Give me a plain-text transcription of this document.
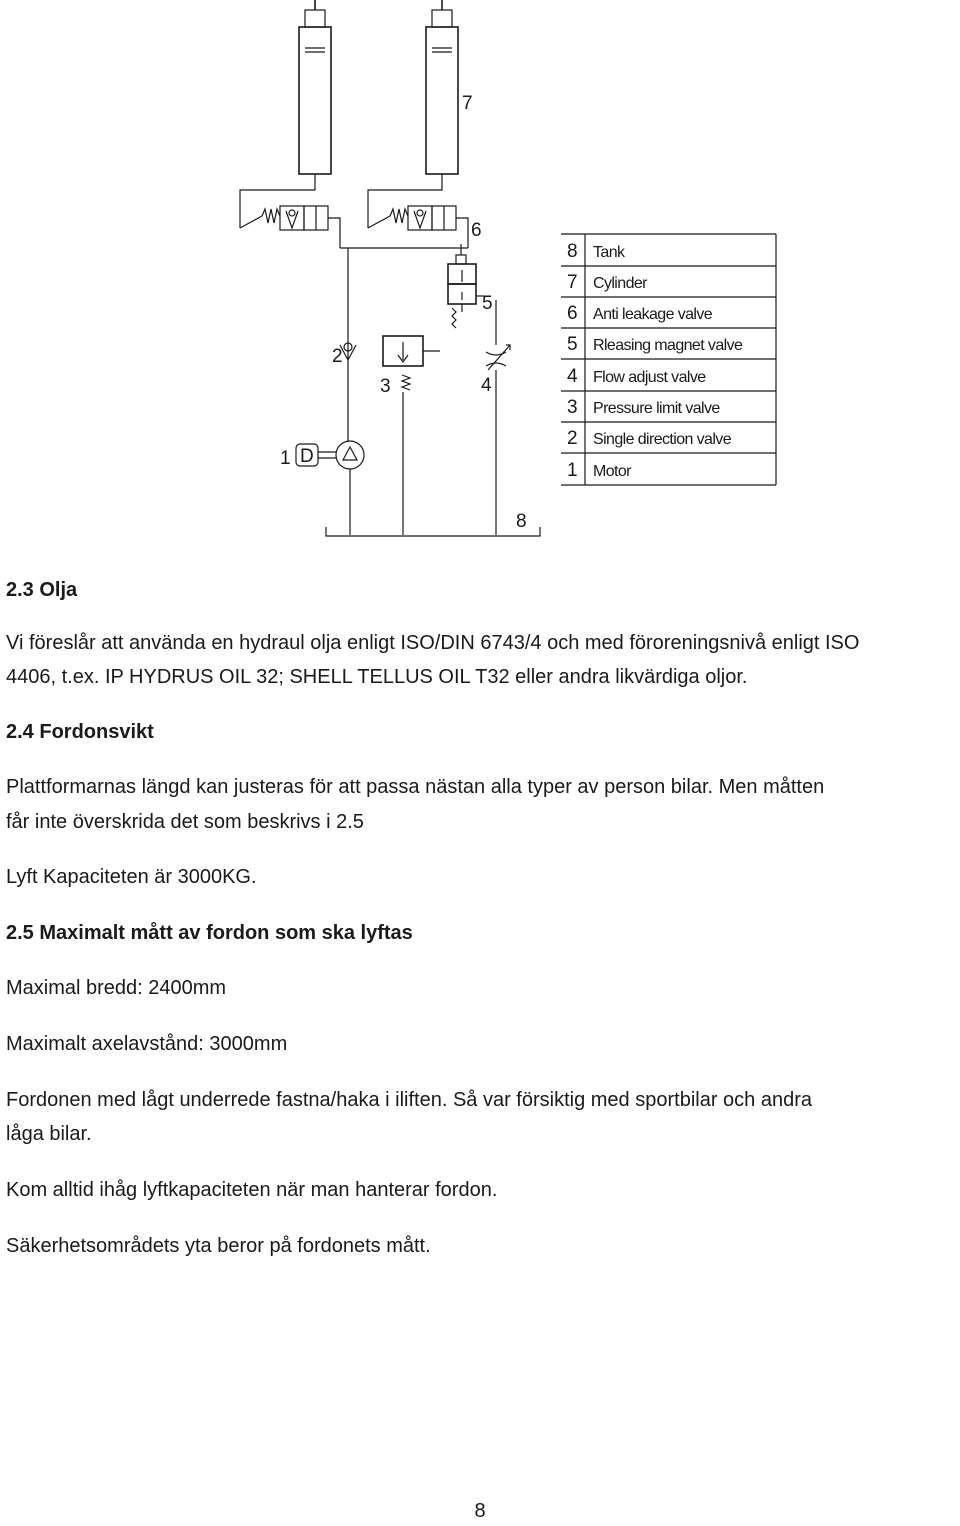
7
6
5
4
3
2
D
1
8
8 Tank
7 Cylinder
6 Anti leakage valve
5 Rleasing magnet valve
4 Flow adjust valve
3 Pressure limit valve
2 Single direction valve
1 Motor
2.3 Olja
Vi föreslår att använda en hydraul olja enligt ISO/DIN 6743/4 och med föroreningsnivå enligt ISO
4406, t.ex. IP HYDRUS OIL 32; SHELL TELLUS OIL T32 eller andra likvärdiga oljor.
2.4 Fordonsvikt
Plattformarnas längd kan justeras för att passa nästan alla typer av person bilar. Men måtten
får inte överskrida det som beskrivs i 2.5
Lyft Kapaciteten är 3000KG.
2.5 Maximalt mått av fordon som ska lyftas
Maximal bredd: 2400mm
Maximalt axelavstånd: 3000mm
Fordonen med lågt underrede fastna/haka i iliften. Så var försiktig med sportbilar och andra
låga bilar.
Kom alltid ihåg lyftkapaciteten när man hanterar fordon.
Säkerhetsområdets yta beror på fordonets mått.
8
